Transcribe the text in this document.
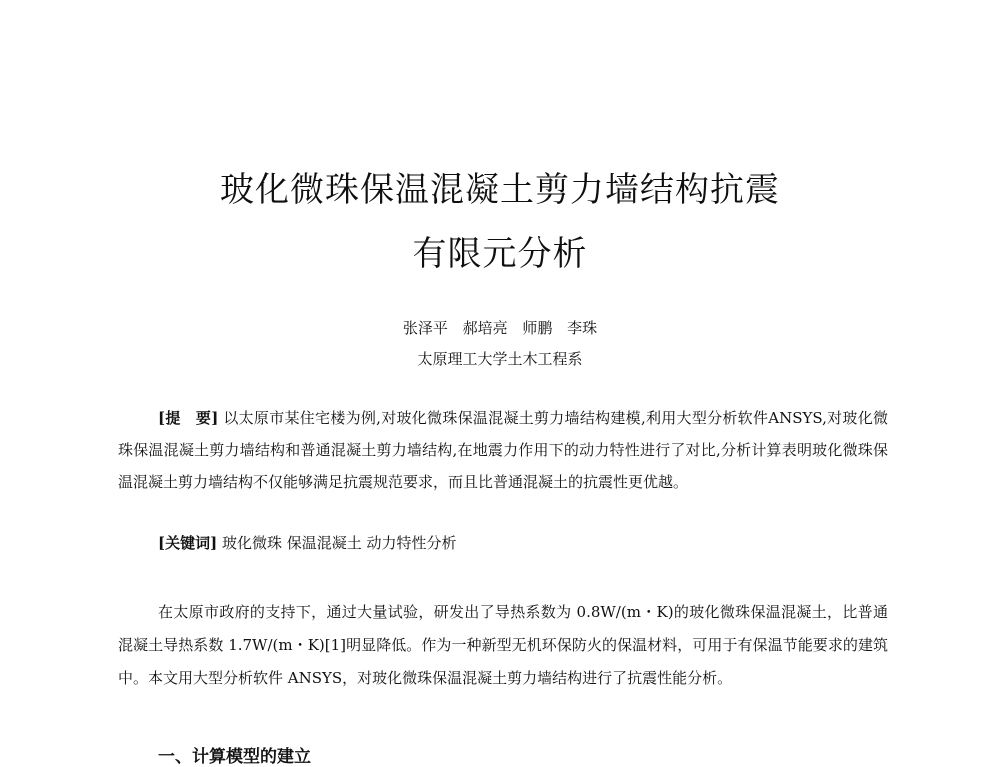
玻化微珠保温混凝土剪力墙结构抗震
有限元分析
张泽平 郝培亮 师鹏 李珠
太原理工大学土木工程系

[提　要] 以太原市某住宅楼为例,对玻化微珠保温混凝土剪力墙结构建模,利用大型分析软件ANSYS,对玻化微珠保温混凝土剪力墙结构和普通混凝土剪力墙结构,在地震力作用下的动力特性进行了对比,分析计算表明玻化微珠保温混凝土剪力墙结构不仅能够满足抗震规范要求，而且比普通混凝土的抗震性更优越。

[关键词] 玻化微珠 保温混凝土 动力特性分析

在太原市政府的支持下，通过大量试验，研发出了导热系数为 0.8W/(m・K)的玻化微珠保温混凝土，比普通混凝土导热系数 1.7W/(m・K)[1]明显降低。作为一种新型无机环保防火的保温材料，可用于有保温节能要求的建筑中。本文用大型分析软件 ANSYS，对玻化微珠保温混凝土剪力墙结构进行了抗震性能分析。

一、计算模型的建立
